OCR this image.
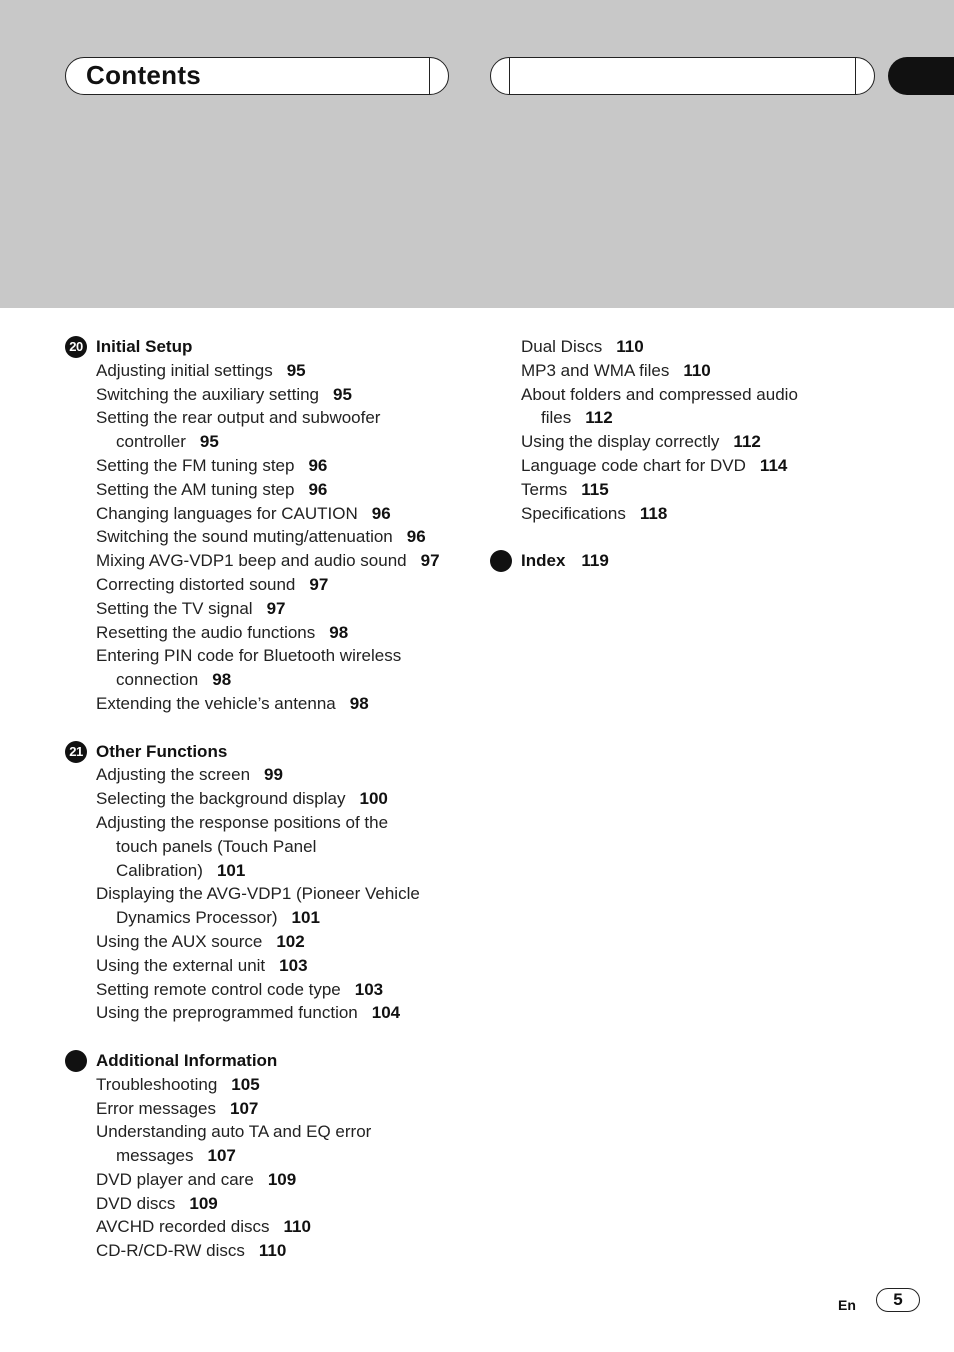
Contents
20 Initial Setup
Adjusting initial settings 95
Switching the auxiliary setting 95
Setting the rear output and subwoofer
controller 95
Setting the FM tuning step 96
Setting the AM tuning step 96
Changing languages for CAUTION 96
Switching the sound muting/attenuation 96
Mixing AVG-VDP1 beep and audio sound 97
Correcting distorted sound 97
Setting the TV signal 97
Resetting the audio functions 98
Entering PIN code for Bluetooth wireless
connection 98
Extending the vehicle’s antenna 98
21 Other Functions
Adjusting the screen 99
Selecting the background display 100
Adjusting the response positions of the
touch panels (Touch Panel
Calibration) 101
Displaying the AVG-VDP1 (Pioneer Vehicle
Dynamics Processor) 101
Using the AUX source 102
Using the external unit 103
Setting remote control code type 103
Using the preprogrammed function 104
Additional Information
Troubleshooting 105
Error messages 107
Understanding auto TA and EQ error
messages 107
DVD player and care 109
DVD discs 109
AVCHD recorded discs 110
CD-R/CD-RW discs 110
Dual Discs 110
MP3 and WMA files 110
About folders and compressed audio
files 112
Using the display correctly 112
Language code chart for DVD 114
Terms 115
Specifications 118
Index 119
En	5
